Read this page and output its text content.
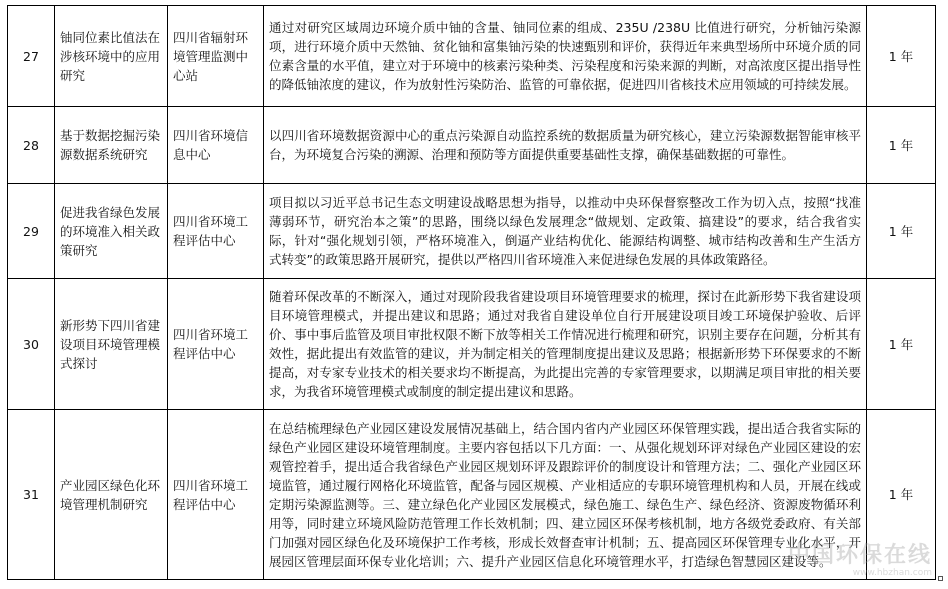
27	铀同位素比值法在涉核环境中的应用研究	四川省辐射环境管理监测中心站	通过对研究区域周边环境介质中铀的含量、铀同位素的组成、235U /238U 比值进行研究，分析铀污染源项，进行环境介质中天然铀、贫化铀和富集铀污染的快速甄别和评价，获得近年来典型场所中环境介质的同位素含量的水平值，建立对于环境中的核素污染种类、污染程度和污染来源的判断，对高浓度区提出指导性的降低铀浓度的建议，作为放射性污染防治、监管的可靠依据，促进四川省核技术应用领域的可持续发展。	1 年
28	基于数据挖掘污染源数据系统研究	四川省环境信息中心	以四川省环境数据资源中心的重点污染源自动监控系统的数据质量为研究核心，建立污染源数据智能审核平台，为环境复合污染的溯源、治理和预防等方面提供重要基础性支撑，确保基础数据的可靠性。	1 年
29	促进我省绿色发展的环境准入相关政策研究	四川省环境工程评估中心	项目拟以习近平总书记生态文明建设战略思想为指导，以推动中央环保督察整改工作为切入点，按照“找准薄弱环节，研究治本之策”的思路，围绕以绿色发展理念“做规划、定政策、搞建设”的要求，结合我省实际，针对“强化规划引领，严格环境准入，倒逼产业结构优化、能源结构调整、城市结构改善和生产生活方式转变”的政策思路开展研究，提供以严格四川省环境准入来促进绿色发展的具体政策路径。	1 年
30	新形势下四川省建设项目环境管理模式探讨	四川省环境工程评估中心	随着环保改革的不断深入，通过对现阶段我省建设项目环境管理要求的梳理，探讨在此新形势下我省建设项目环境管理模式，并提出建议和思路；通过对我省自建设单位自行开展建设项目竣工环境保护验收、后评价、事中事后监管及项目审批权限不断下放等相关工作情况进行梳理和研究，识别主要存在问题，分析其有效性，据此提出有效监管的建议，并为制定相关的管理制度提出建议及思路；根据新形势下环保要求的不断提高，对专家专业技术的相关要求均不断提高，为此提出完善的专家管理要求，以期满足项目审批的相关要求，为我省环境管理模式或制度的制定提出建议和思路。	1 年
31	产业园区绿色化环境管理机制研究	四川省环境工程评估中心	在总结梳理绿色产业园区建设发展情况基础上，结合国内省内产业园区环保管理实践，提出适合我省实际的绿色产业园区建设环境管理制度。主要内容包括以下几方面：一、从强化规划环评对绿色产业园区建设的宏观管控着手，提出适合我省绿色产业园区规划环评及跟踪评价的制度设计和管理方法；二、强化产业园区环境监管，通过履行网格化环境监管，配备与园区规模、产业相适应的专职环境管理机构和人员，开展在线或定期污染源监测等。三、建立绿色化产业园区发展模式，绿色施工、绿色生产、绿色经济、资源废物循环利用等，同时建立环境风险防范管理工作长效机制；四、建立园区环保考核机制，地方各级党委政府、有关部门加强对园区绿色化及环境保护工作考核，形成长效督查审计机制；五、提高园区环保管理专业化水平，开展园区管理层面环保专业化培训；六、提升产业园区信息化环境管理水平，打造绿色智慧园区建设等。	1 年
中国环保在线
www.hbzhan.com
